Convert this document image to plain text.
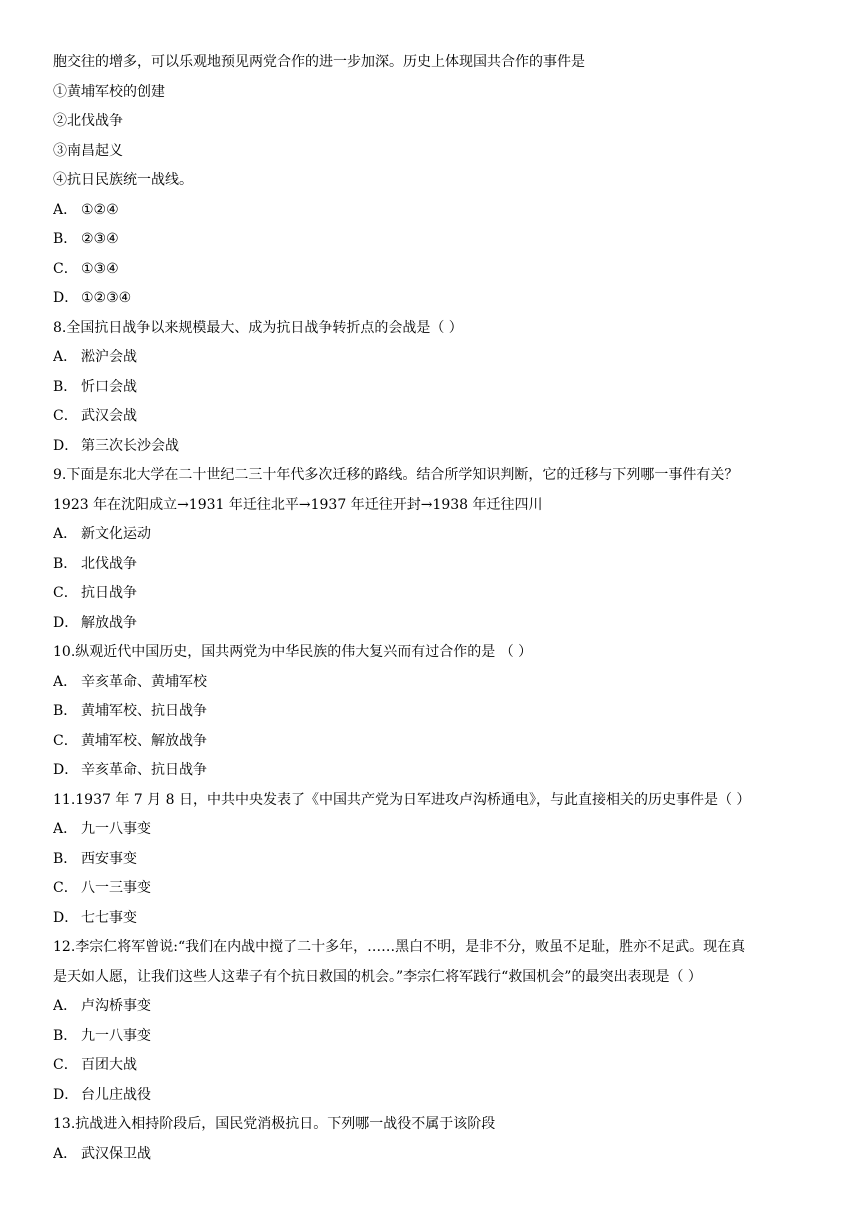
胞交往的增多，可以乐观地预见两党合作的进一步加深。历史上体现国共合作的事件是
①黄埔军校的创建
②北伐战争
③南昌起义
④抗日民族统一战线。
A． ①②④
B． ②③④
C． ①③④
D． ①②③④
8.全国抗日战争以来规模最大、成为抗日战争转折点的会战是（ ）
A． 淞沪会战
B． 忻口会战
C． 武汉会战
D． 第三次长沙会战
9.下面是东北大学在二十世纪二三十年代多次迁移的路线。结合所学知识判断，它的迁移与下列哪一事件有关？
1923 年在沈阳成立→1931 年迁往北平→1937 年迁往开封→1938 年迁往四川
A． 新文化运动
B． 北伐战争
C． 抗日战争
D． 解放战争
10.纵观近代中国历史，国共两党为中华民族的伟大复兴而有过合作的是 （ ）
A． 辛亥革命、黄埔军校
B． 黄埔军校、抗日战争
C． 黄埔军校、解放战争
D． 辛亥革命、抗日战争
11.1937 年 7 月 8 日，中共中央发表了《中国共产党为日军进攻卢沟桥通电》，与此直接相关的历史事件是（ ）
A． 九一八事变
B． 西安事变
C． 八一三事变
D． 七七事变
12.李宗仁将军曾说:“我们在内战中搅了二十多年，……黑白不明，是非不分，败虽不足耻，胜亦不足武。现在真
是天如人愿，让我们这些人这辈子有个抗日救国的机会。”李宗仁将军践行“救国机会”的最突出表现是（ ）
A． 卢沟桥事变
B． 九一八事变
C． 百团大战
D． 台儿庄战役
13.抗战进入相持阶段后，国民党消极抗日。下列哪一战役不属于该阶段
A． 武汉保卫战
